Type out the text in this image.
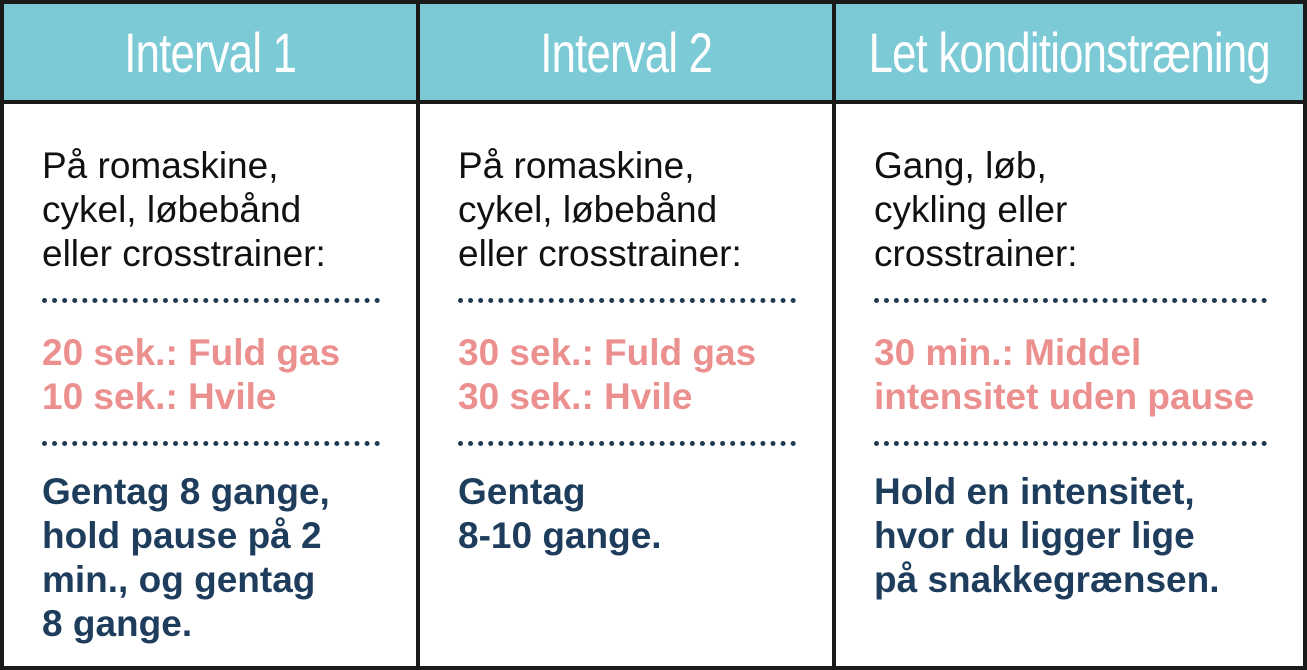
Interval 1	Interval 2	Let konditionstræning

På romaskine,
cykel, løbebånd
eller crosstrainer:

20 sek.: Fuld gas
10 sek.: Hvile

Gentag 8 gange,
hold pause på 2
min., og gentag
8 gange.

På romaskine,
cykel, løbebånd
eller crosstrainer:

30 sek.: Fuld gas
30 sek.: Hvile

Gentag
8-10 gange.

Gang, løb,
cykling eller
crosstrainer:

30 min.: Middel
intensitet uden pause

Hold en intensitet,
hvor du ligger lige
på snakkegrænsen.
